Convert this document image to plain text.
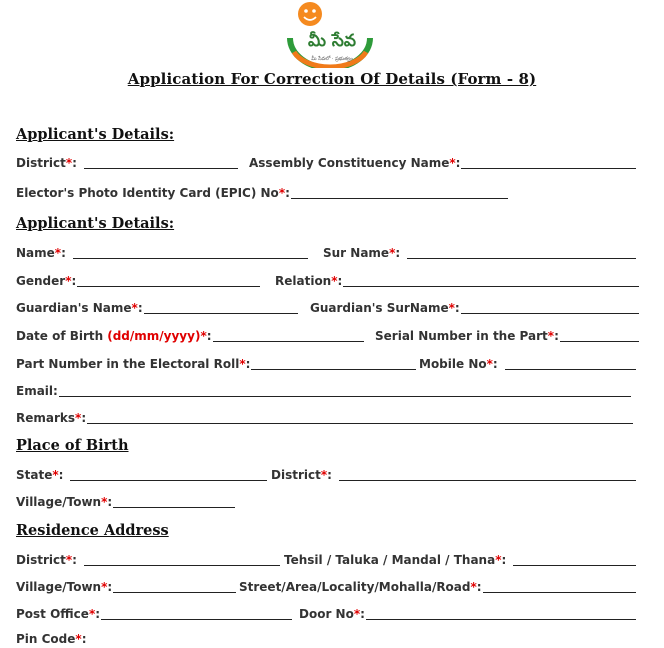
మీ సేవ
మీ సేవలో · ప్రభుత్వం
Application For Correction Of Details (Form - 8)
Applicant's Details:
District * :	Assembly Constituency Name * :
Elector's Photo Identity Card (EPIC) No * :
Applicant's Details:
Name * :	Sur Name * :
Gender * :	Relation * :
Guardian's Name * :	Guardian's SurName * :
Date of Birth (dd/mm/yyyy) * :	Serial Number in the Part * :
Part Number in the Electoral Roll * :	Mobile No * :
Email:
Remarks * :
Place of Birth
State * :	District * :
Village/Town * :
Residence Address
District * :	Tehsil / Taluka / Mandal / Thana * :
Village/Town * :	Street/Area/Locality/Mohalla/Road * :
Post Office * :	Door No * :
Pin Code * :
